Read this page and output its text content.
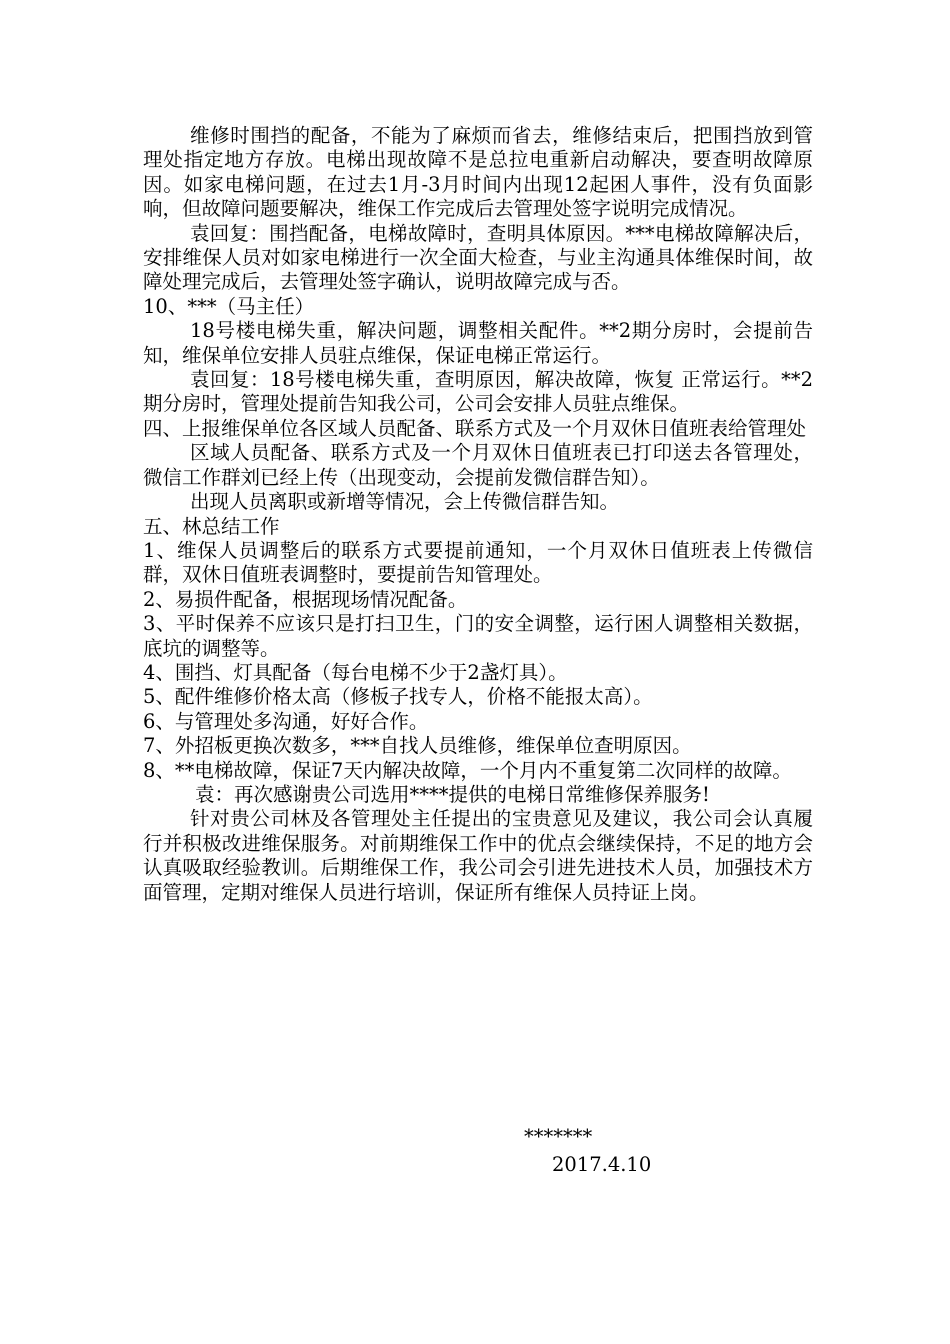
维修时围挡的配备，不能为了麻烦而省去，维修结束后，把围挡放到管理处指定地方存放。电梯出现故障不是总拉电重新启动解决，要查明故障原因。如家电梯问题，在过去1月-3月时间内出现12起困人事件，没有负面影响，但故障问题要解决，维保工作完成后去管理处签字说明完成情况。

袁回复：围挡配备，电梯故障时，查明具体原因。***电梯故障解决后，安排维保人员对如家电梯进行一次全面大检查，与业主沟通具体维保时间，故障处理完成后，去管理处签字确认，说明故障完成与否。

10、***（马主任）

18号楼电梯失重，解决问题，调整相关配件。**2期分房时，会提前告知，维保单位安排人员驻点维保，保证电梯正常运行。

袁回复：18号楼电梯失重，查明原因，解决故障，恢复 正常运行。**2期分房时，管理处提前告知我公司，公司会安排人员驻点维保。

四、上报维保单位各区域人员配备、联系方式及一个月双休日值班表给管理处

区域人员配备、联系方式及一个月双休日值班表已打印送去各管理处，微信工作群刘已经上传（出现变动，会提前发微信群告知）。

出现人员离职或新增等情况，会上传微信群告知。

五、林总结工作

1、维保人员调整后的联系方式要提前通知，一个月双休日值班表上传微信群，双休日值班表调整时，要提前告知管理处。

2、易损件配备，根据现场情况配备。

3、平时保养不应该只是打扫卫生，门的安全调整，运行困人调整相关数据，底坑的调整等。

4、围挡、灯具配备（每台电梯不少于2盏灯具）。

5、配件维修价格太高（修板子找专人，价格不能报太高）。

6、与管理处多沟通，好好合作。

7、外招板更换次数多，***自找人员维修，维保单位查明原因。

8、**电梯故障，保证7天内解决故障，一个月内不重复第二次同样的故障。

袁：再次感谢贵公司选用****提供的电梯日常维修保养服务!

针对贵公司林及各管理处主任提出的宝贵意见及建议，我公司会认真履行并积极改进维保服务。对前期维保工作中的优点会继续保持，不足的地方会认真吸取经验教训。后期维保工作，我公司会引进先进技术人员，加强技术方面管理，定期对维保人员进行培训，保证所有维保人员持证上岗。

*******
2017.4.10
